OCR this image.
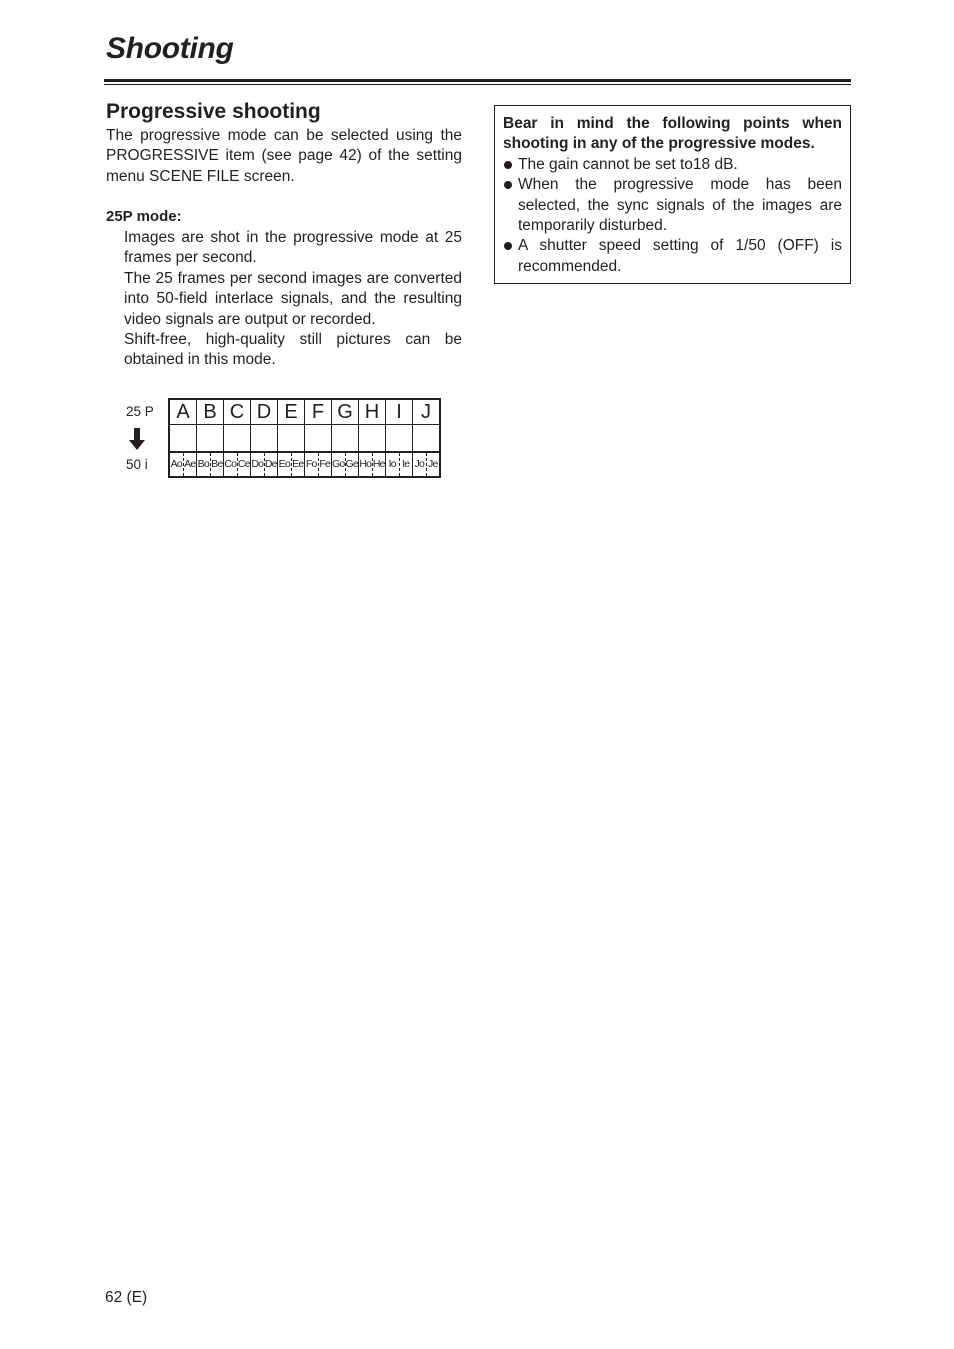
Shooting
Progressive shooting

The progressive mode can be selected using the PROGRESSIVE item (see page 42) of the setting menu SCENE FILE screen.

25P mode:

Images are shot in the progressive mode at 25 frames per second.

The 25 frames per second images are converted into 50-field interlace signals, and the resulting video signals are output or recorded.

Shift-free, high-quality still pictures can be obtained in this mode.

25 P
50 i
A B C D E F G H I J
Ao Ae Bo Be Co Ce Do De Eo Ee Fo Fe Go Ge Ho He Io Ie Jo Je

Bear in mind the following points when shooting in any of the progressive modes.

The gain cannot be set to18 dB.
When the progressive mode has been selected, the sync signals of the images are temporarily disturbed.
A shutter speed setting of 1/50 (OFF) is recommended.
62 (E)
